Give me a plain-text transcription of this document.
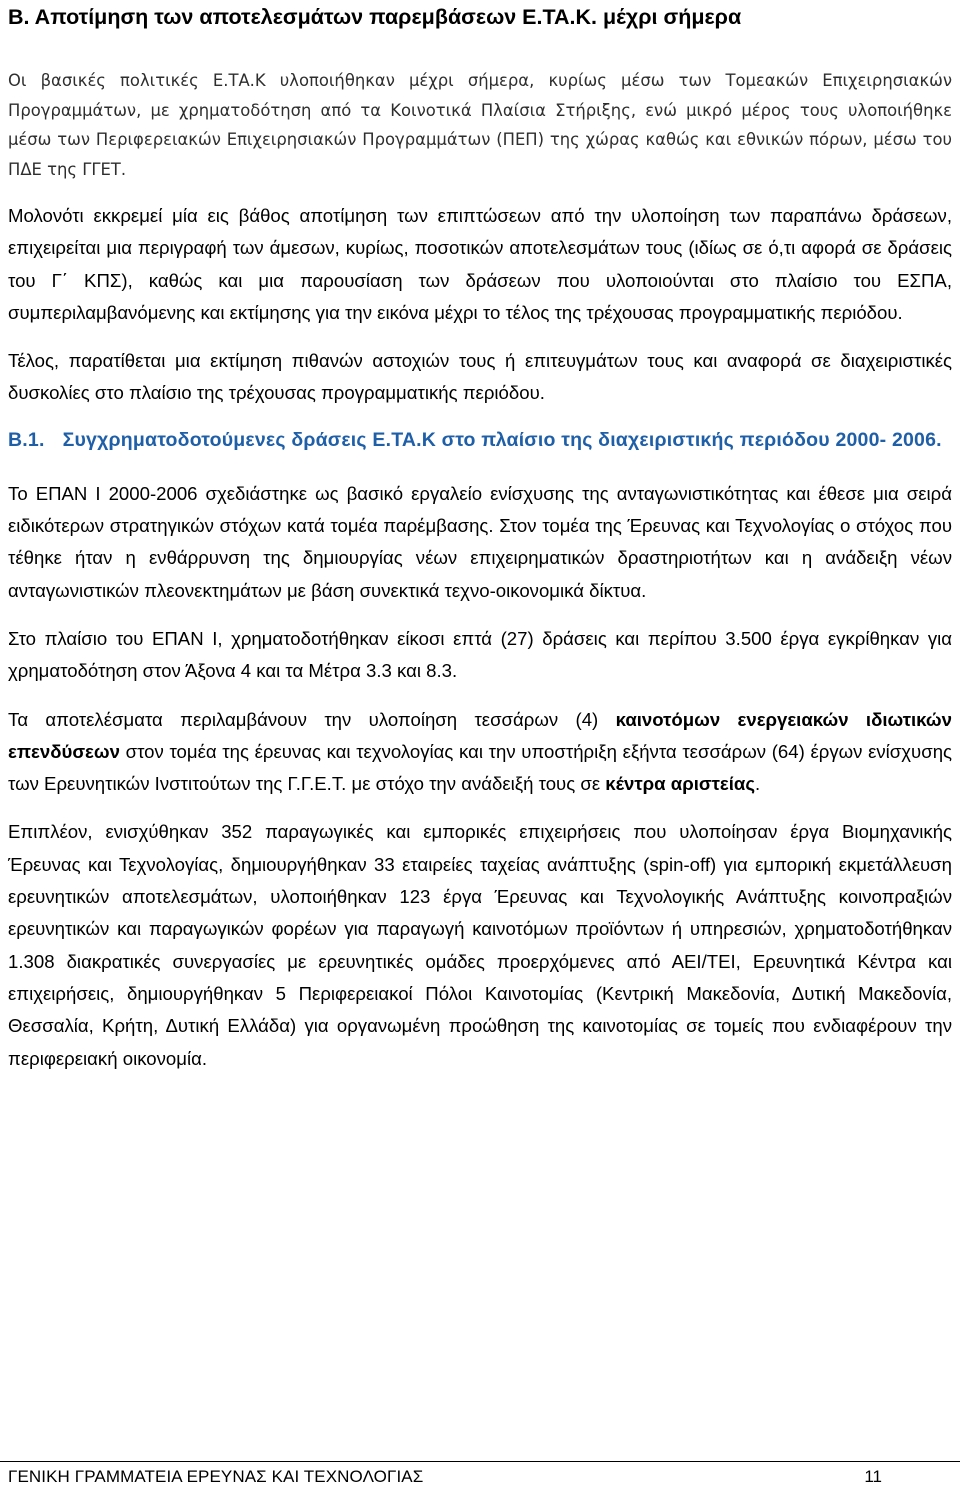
Β. Αποτίμηση των αποτελεσμάτων παρεμβάσεων Ε.ΤΑ.Κ. μέχρι σήμερα

Οι βασικές πολιτικές Ε.ΤΑ.Κ υλοποιήθηκαν μέχρι σήμερα, κυρίως μέσω των Τομεακών Επιχειρησιακών Προγραμμάτων, με χρηματοδότηση από τα Κοινοτικά Πλαίσια Στήριξης, ενώ μικρό μέρος τους υλοποιήθηκε μέσω των Περιφερειακών Επιχειρησιακών Προγραμμάτων (ΠΕΠ) της χώρας καθώς και εθνικών πόρων, μέσω του ΠΔΕ της ΓΓΕΤ.

Μολονότι εκκρεμεί μία εις βάθος αποτίμηση των επιπτώσεων από την υλοποίηση των παραπάνω δράσεων, επιχειρείται μια περιγραφή των άμεσων, κυρίως, ποσοτικών αποτελεσμάτων τους (ιδίως σε ό,τι αφορά σε δράσεις του Γ΄ ΚΠΣ), καθώς και μια παρουσίαση των δράσεων που υλοποιούνται στο πλαίσιο του ΕΣΠΑ, συμπεριλαμβανόμενης και εκτίμησης για την εικόνα μέχρι το τέλος της τρέχουσας προγραμματικής περιόδου.

Τέλος, παρατίθεται μια εκτίμηση πιθανών αστοχιών τους ή επιτευγμάτων τους και αναφορά σε διαχειριστικές δυσκολίες στο πλαίσιο της τρέχουσας προγραμματικής περιόδου.

Β.1. Συγχρηματοδοτούμενες δράσεις Ε.ΤΑ.Κ στο πλαίσιο της διαχειριστικής περιόδου 2000- 2006.

Το ΕΠΑΝ Ι 2000-2006 σχεδιάστηκε ως βασικό εργαλείο ενίσχυσης της ανταγωνιστικότητας και έθεσε μια σειρά ειδικότερων στρατηγικών στόχων κατά τομέα παρέμβασης. Στον τομέα της Έρευνας και Τεχνολογίας ο στόχος που τέθηκε ήταν η ενθάρρυνση της δημιουργίας νέων επιχειρηματικών δραστηριοτήτων και η ανάδειξη νέων ανταγωνιστικών πλεονεκτημάτων με βάση συνεκτικά τεχνο-οικονομικά δίκτυα.

Στο πλαίσιο του ΕΠΑΝ Ι, χρηματοδοτήθηκαν είκοσι επτά (27) δράσεις και περίπου 3.500 έργα εγκρίθηκαν για χρηματοδότηση στον Άξονα 4 και τα Μέτρα 3.3 και 8.3.

Τα αποτελέσματα περιλαμβάνουν την υλοποίηση τεσσάρων (4) καινοτόμων ενεργειακών ιδιωτικών επενδύσεων στον τομέα της έρευνας και τεχνολογίας και την υποστήριξη εξήντα τεσσάρων (64) έργων ενίσχυσης των Ερευνητικών Ινστιτούτων της Γ.Γ.Ε.Τ. με στόχο την ανάδειξή τους σε κέντρα αριστείας.

Επιπλέον, ενισχύθηκαν 352 παραγωγικές και εμπορικές επιχειρήσεις που υλοποίησαν έργα Βιομηχανικής Έρευνας και Τεχνολογίας, δημιουργήθηκαν 33 εταιρείες ταχείας ανάπτυξης (spin-off) για εμπορική εκμετάλλευση ερευνητικών αποτελεσμάτων, υλοποιήθηκαν 123 έργα Έρευνας και Τεχνολογικής Ανάπτυξης κοινοπραξιών ερευνητικών και παραγωγικών φορέων για παραγωγή καινοτόμων προϊόντων ή υπηρεσιών, χρηματοδοτήθηκαν 1.308 διακρατικές συνεργασίες με ερευνητικές ομάδες προερχόμενες από ΑΕΙ/ΤΕΙ, Ερευνητικά Κέντρα και επιχειρήσεις, δημιουργήθηκαν 5 Περιφερειακοί Πόλοι Καινοτομίας (Κεντρική Μακεδονία, Δυτική Μακεδονία, Θεσσαλία, Κρήτη, Δυτική Ελλάδα) για οργανωμένη προώθηση της καινοτομίας σε τομείς που ενδιαφέρουν την περιφερειακή οικονομία.

ΓΕΝΙΚΗ ΓΡΑΜΜΑΤΕΙΑ ΕΡΕΥΝΑΣ ΚΑΙ ΤΕΧΝΟΛΟΓΙΑΣ	11
